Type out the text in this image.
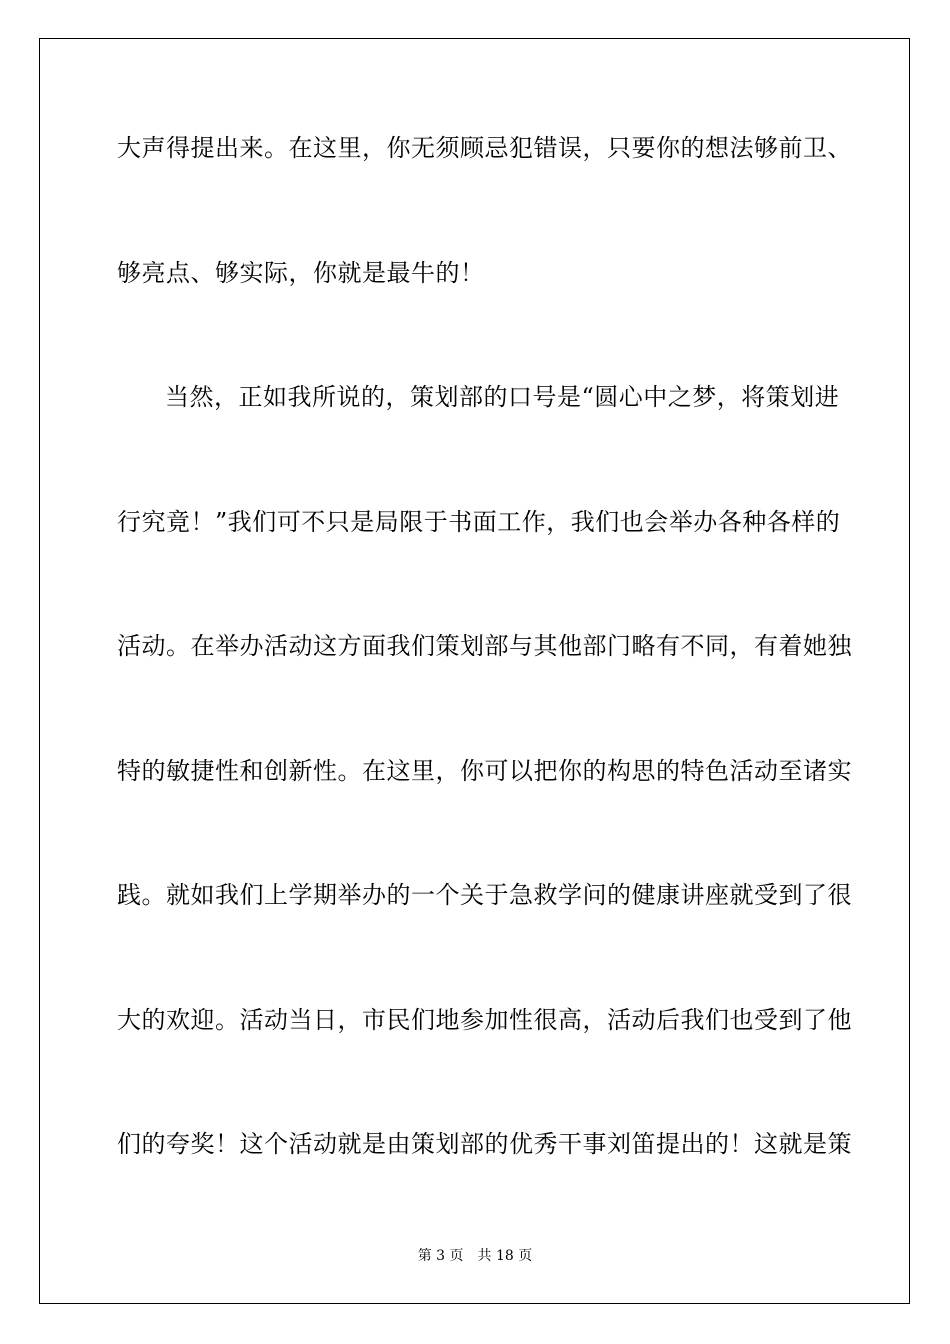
大声得提出来。在这里，你无须顾忌犯错误，只要你的想法够前卫、
够亮点、够实际，你就是最牛的！
当然，正如我所说的，策划部的口号是“圆心中之梦，将策划进
行究竟！”我们可不只是局限于书面工作，我们也会举办各种各样的
活动。在举办活动这方面我们策划部与其他部门略有不同，有着她独
特的敏捷性和创新性。在这里，你可以把你的构思的特色活动至诸实
践。就如我们上学期举办的一个关于急救学问的健康讲座就受到了很
大的欢迎。活动当日，市民们地参加性很高，活动后我们也受到了他
们的夸奖！这个活动就是由策划部的优秀干事刘笛提出的！这就是策
第 3 页　共 18 页
